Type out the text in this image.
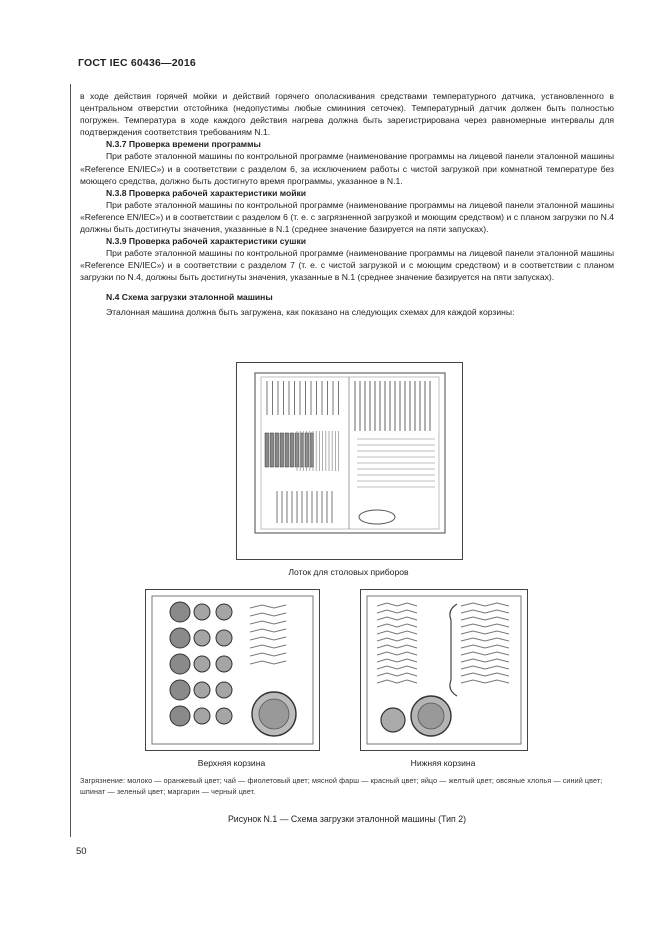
ГОСТ IEC 60436—2016

в ходе действия горячей мойки и действий горячего ополаскивания средствами температурного датчика, установленного в центральном отверстии отстойника (недопустимы любые смининия сеточек). Температурный датчик должен быть полностью погружен. Температура в ходе каждого действия нагрева должна быть зарегистрирована через равномерные интервалы для подтверждения соответствия требованиям N.1.

N.3.7 Проверка времени программы

При работе эталонной машины по контрольной программе (наименование программы на лицевой панели эталонной машины «Reference EN/IEC») и в соответствии с разделом 6, за исключением работы с чистой загрузкой при комнатной температуре без моющего средства, должно быть достигнуто время программы, указанное в N.1.

N.3.8 Проверка рабочей характеристики мойки

При работе эталонной машины по контрольной программе (наименование программы на лицевой панели эталонной машины «Reference EN/IEC») и в соответствии с разделом 6 (т. е. с загрязненной загрузкой и моющим средством) и с планом загрузки по N.4 должны быть достигнуты значения, указанные в N.1 (среднее значение базируется на пяти запусках).

N.3.9 Проверка рабочей характеристики сушки

При работе эталонной машины по контрольной программе (наименование программы на лицевой панели эталонной машины «Reference EN/IEC») и в соответствии с разделом 7 (т. е. с чистой загрузкой и с моющим средством) и в соответствии с планом загрузки по N.4, должны быть достигнуты значения, указанные в N.1 (среднее значение базируется на пяти запусках).

N.4 Схема загрузки эталонной машины

Эталонная машина должна быть загружена, как показано на следующих схемах для каждой корзины:

Лоток для столовых приборов
Верхняя корзина	Нижняя корзина
Загрязнение: молоко — оранжевый цвет; чай — фиолетовый цвет; мясной фарш — красный цвет; яйцо — желтый цвет; овсяные хлопья — синий цвет; шпинат — зеленый цвет; маргарин — черный цвет.
Рисунок N.1 — Схема загрузки эталонной машины (Тип 2)
50
